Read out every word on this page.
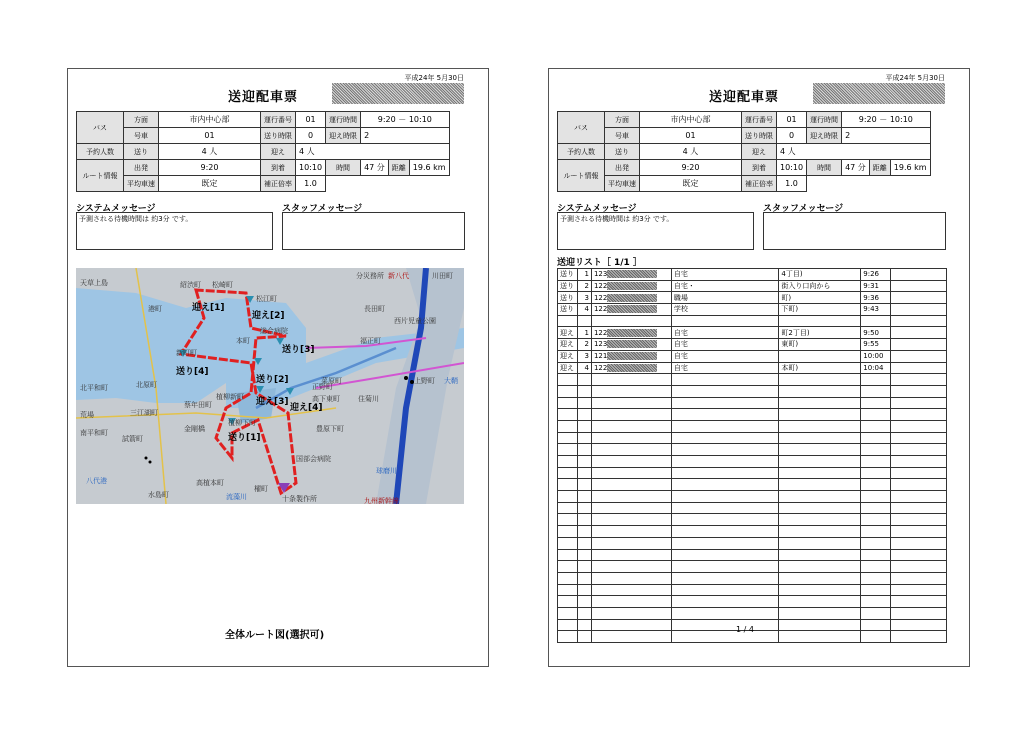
平成24年 5月30日
送迎配車票
バス	方面	市内中心部	運行番号	01	運行時間	9:20 － 10:10		
	号車	01	送り時限	0	迎え時限	2		
予約人数	送り	4 人	迎え	4 人				
ルート情報	出発	9:20	到着	10:10	時間	47 分	距離	19.6 km
	平均車速	既定	補正倍率	1.0				
システムメッセージ
予測される待機時間は 約3分 です。
スタッフメッセージ
天草上島	紹渋町 松崎町
松江町
分災務所 新八代	川田町
港町
総合病院
長田町
西片児童公園
新町町
本町	福正町
北平和町	北原町	菜原町	上野町
荒場	三江湖町
蔡年田町
植柳新町
正野町
高下東町	住菊川
南平和町
試箭町
金剛橋
植柳下町
豊原下町
国部会病院
八代港	高植本町
櫂町
水島町	流藻川	十条製作所	九州新幹線
球磨川
大鞘
迎え[1]
迎え[2]
送り[3]
送り[4]
迎え[3]
迎え[4]
送り[2]
送り[1]
全体ルート図(選択可)
平成24年 5月30日
送迎配車票
バス	方面	市内中心部	運行番号	01	運行時間	9:20 － 10:10		
	号車	01	送り時限	0	迎え時限	2		
予約人数	送り	4 人	迎え	4 人				
ルート情報	出発	9:20	到着	10:10	時間	47 分	距離	19.6 km
	平均車速	既定	補正倍率	1.0				
システムメッセージ
予測される待機時間は 約3分 です。
スタッフメッセージ
送迎リスト［ 1/1 ］
送り	1	123	自宅	4丁目)	9:26	
送り	2	122	自宅・	街入り口向から	9:31	
送り	3	122	職場	町)	9:36	
送り	4	122	学校	下町)	9:43	

迎え	1	122	自宅	町2丁目)	9:50	
迎え	2	123	自宅	東町)	9:55	
迎え	3	121	自宅		10:00	
迎え	4	122	自宅	本町)	10:04	

1 / 4
